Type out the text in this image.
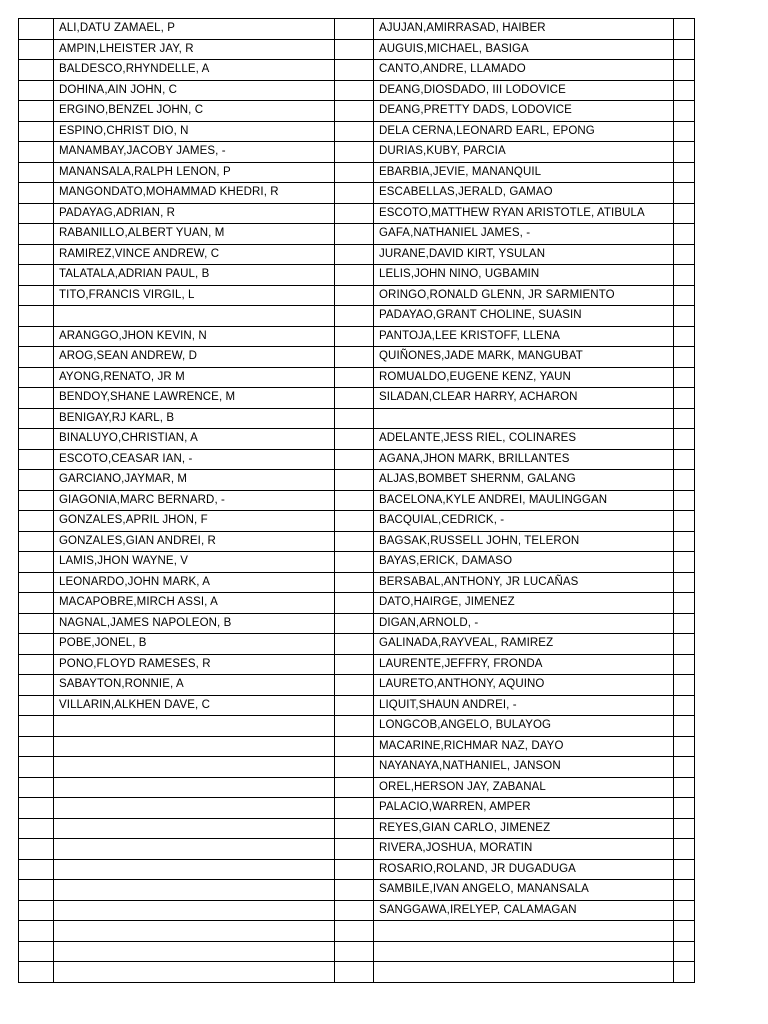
	ALI,DATU ZAMAEL, P		AJUJAN,AMIRRASAD, HAIBER	
	AMPIN,LHEISTER JAY, R		AUGUIS,MICHAEL, BASIGA	
	BALDESCO,RHYNDELLE, A		CANTO,ANDRE, LLAMADO	
	DOHINA,AIN JOHN, C		DEANG,DIOSDADO, III LODOVICE	
	ERGINO,BENZEL JOHN, C		DEANG,PRETTY DADS, LODOVICE	
	ESPINO,CHRIST DIO, N		DELA CERNA,LEONARD EARL, EPONG	
	MANAMBAY,JACOBY JAMES, -		DURIAS,KUBY, PARCIA	
	MANANSALA,RALPH LENON, P		EBARBIA,JEVIE, MANANQUIL	
	MANGONDATO,MOHAMMAD KHEDRI, R		ESCABELLAS,JERALD, GAMAO	
	PADAYAG,ADRIAN, R		ESCOTO,MATTHEW RYAN ARISTOTLE, ATIBULA	
	RABANILLO,ALBERT YUAN, M		GAFA,NATHANIEL JAMES, -	
	RAMIREZ,VINCE ANDREW, C		JURANE,DAVID KIRT, YSULAN	
	TALATALA,ADRIAN PAUL, B		LELIS,JOHN NINO, UGBAMIN	
	TITO,FRANCIS VIRGIL, L		ORINGO,RONALD GLENN, JR SARMIENTO	
			PADAYAO,GRANT CHOLINE, SUASIN	
	ARANGGO,JHON KEVIN, N		PANTOJA,LEE KRISTOFF, LLENA	
	AROG,SEAN ANDREW, D		QUIÑONES,JADE MARK, MANGUBAT	
	AYONG,RENATO, JR M		ROMUALDO,EUGENE KENZ, YAUN	
	BENDOY,SHANE LAWRENCE, M		SILADAN,CLEAR HARRY, ACHARON	
	BENIGAY,RJ KARL, B			
	BINALUYO,CHRISTIAN, A		ADELANTE,JESS RIEL, COLINARES	
	ESCOTO,CEASAR IAN, -		AGANA,JHON MARK, BRILLANTES	
	GARCIANO,JAYMAR, M		ALJAS,BOMBET SHERNM, GALANG	
	GIAGONIA,MARC BERNARD, -		BACELONA,KYLE ANDREI, MAULINGGAN	
	GONZALES,APRIL JHON, F		BACQUIAL,CEDRICK, -	
	GONZALES,GIAN ANDREI, R		BAGSAK,RUSSELL JOHN, TELERON	
	LAMIS,JHON WAYNE, V		BAYAS,ERICK, DAMASO	
	LEONARDO,JOHN MARK, A		BERSABAL,ANTHONY, JR LUCAÑAS	
	MACAPOBRE,MIRCH ASSI, A		DATO,HAIRGE, JIMENEZ	
	NAGNAL,JAMES NAPOLEON, B		DIGAN,ARNOLD, -	
	POBE,JONEL, B		GALINADA,RAYVEAL, RAMIREZ	
	PONO,FLOYD RAMESES, R		LAURENTE,JEFFRY, FRONDA	
	SABAYTON,RONNIE, A		LAURETO,ANTHONY, AQUINO	
	VILLARIN,ALKHEN DAVE, C		LIQUIT,SHAUN ANDREI, -	
			LONGCOB,ANGELO, BULAYOG	
			MACARINE,RICHMAR NAZ, DAYO	
			NAYANAYA,NATHANIEL, JANSON	
			OREL,HERSON JAY, ZABANAL	
			PALACIO,WARREN, AMPER	
			REYES,GIAN CARLO, JIMENEZ	
			RIVERA,JOSHUA, MORATIN	
			ROSARIO,ROLAND, JR DUGADUGA	
			SAMBILE,IVAN ANGELO, MANANSALA	
			SANGGAWA,IRELYEP, CALAMAGAN	
